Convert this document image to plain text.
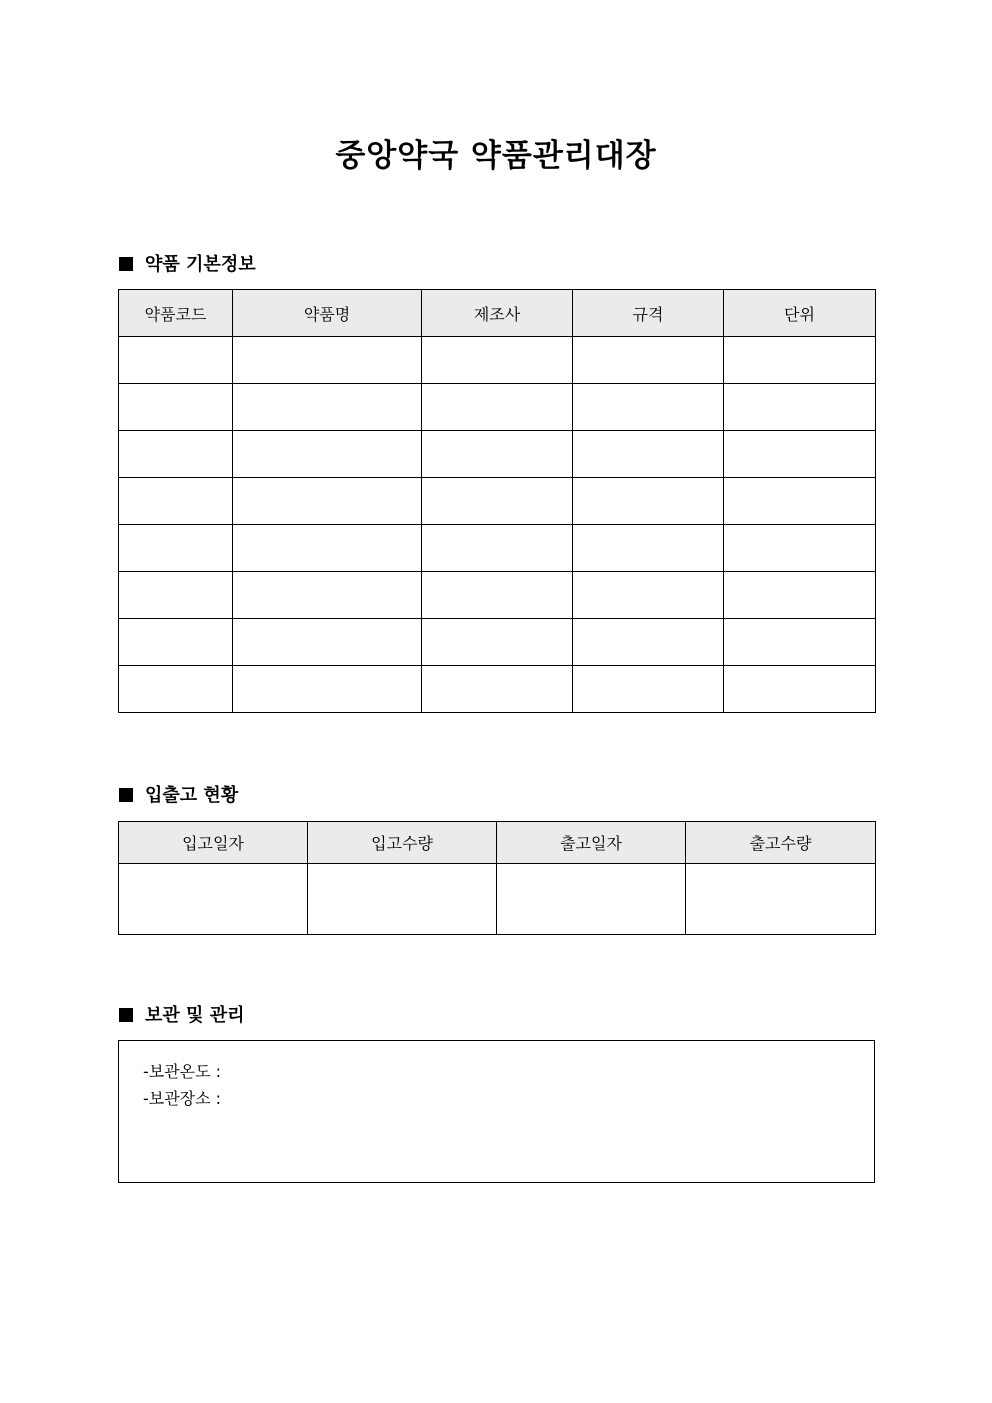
중앙약국 약품관리대장
약품 기본정보
약품코드	약품명	제조사	규격	단위

입출고 현황
입고일자	입고수량	출고일자	출고수량

보관 및 관리
-보관온도 :
-보관장소 :
